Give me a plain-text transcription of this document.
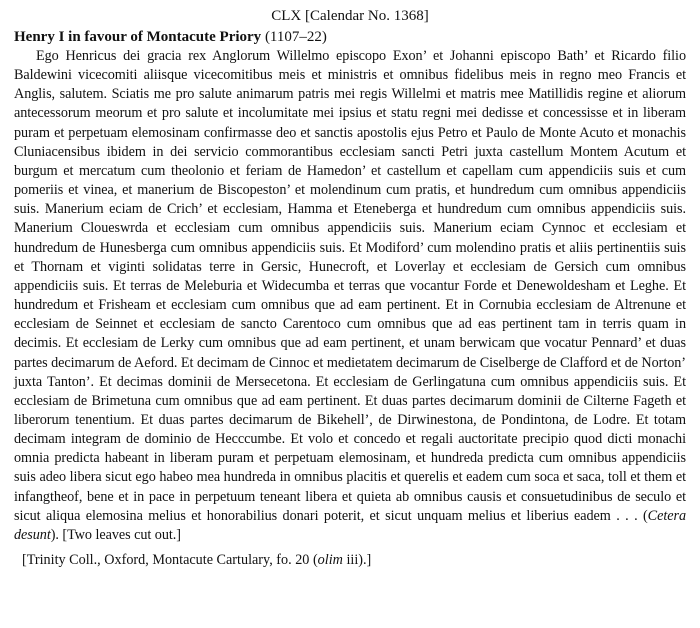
CLX [Calendar No. 1368]
Henry I in favour of Montacute Priory (1107–22)

Ego Henricus dei gracia rex Anglorum Willelmo episcopo Exon’ et Johanni episcopo Bath’ et Ricardo filio Baldewini vicecomiti aliisque vicecomitibus meis et ministris et omnibus fidelibus meis in regno meo Francis et Anglis, salutem. Sciatis me pro salute animarum patris mei regis Willelmi et matris mee Matillidis regine et aliorum antecessorum meorum et pro salute et incolumitate mei ipsius et statu regni mei dedisse et concessisse et in liberam puram et perpetuam elemosinam confirmasse deo et sanctis apostolis ejus Petro et Paulo de Monte Acuto et monachis Cluniacensibus ibidem in dei servicio commorantibus ecclesiam sancti Petri juxta castellum Montem Acutum et burgum et mercatum cum theolonio et feriam de Hamedon’ et castellum et capellam cum appendiciis suis et cum pomeriis et vinea, et manerium de Biscopeston’ et molendinum cum pratis, et hundredum cum omnibus appendiciis suis. Manerium eciam de Crich’ et ecclesiam, Hamma et Eteneberga et hundredum cum omnibus appendiciis suis. Manerium Cloueswrda et ecclesiam cum omnibus appendiciis suis. Manerium eciam Cynnoc et ecclesiam et hundredum de Hunesberga cum omnibus appendiciis suis. Et Modiford’ cum molendino pratis et aliis pertinentiis suis et Thornam et viginti solidatas terre in Gersic, Hunecroft, et Loverlay et ecclesiam de Gersich cum omnibus appendiciis suis. Et terras de Meleburia et Widecumba et terras que vocantur Forde et Denewoldesham et Leghe. Et hundredum et Frisheam et ecclesiam cum omnibus que ad eam pertinent. Et in Cornubia ecclesiam de Altrenune et ecclesiam de Seinnet et ecclesiam de sancto Carentoco cum omnibus que ad eas pertinent tam in terris quam in decimis. Et ecclesiam de Lerky cum omnibus que ad eam pertinent, et unam berwicam que vocatur Pennard’ et duas partes decimarum de Aeford. Et decimam de Cinnoc et medietatem decimarum de Ciselberge de Clafford et de Norton’ juxta Tanton’. Et decimas dominii de Mersecetona. Et ecclesiam de Gerlingatuna cum omnibus appendiciis suis. Et ecclesiam de Brimetuna cum omnibus que ad eam pertinent. Et duas partes decimarum dominii de Cilterne Fageth et liberorum tenentium. Et duas partes decimarum de Bikehell’, de Dirwinestona, de Pondintona, de Lodre. Et totam decimam integram de dominio de Hecccumbe. Et volo et concedo et regali auctoritate precipio quod dicti monachi omnia predicta habeant in liberam puram et perpetuam elemosinam, et hundreda predicta cum omnibus appendiciis suis adeo libera sicut ego habeo mea hundreda in omnibus placitis et querelis et eadem cum soca et saca, toll et them et infangtheof, bene et in pace in perpetuum teneant libera et quieta ab omnibus causis et consuetudinibus de seculo et sicut aliqua elemosina melius et honorabilius donari poterit, et sicut unquam melius et liberius eadem . . . (Cetera desunt). [Two leaves cut out.]

[Trinity Coll., Oxford, Montacute Cartulary, fo. 20 (olim iii).]
